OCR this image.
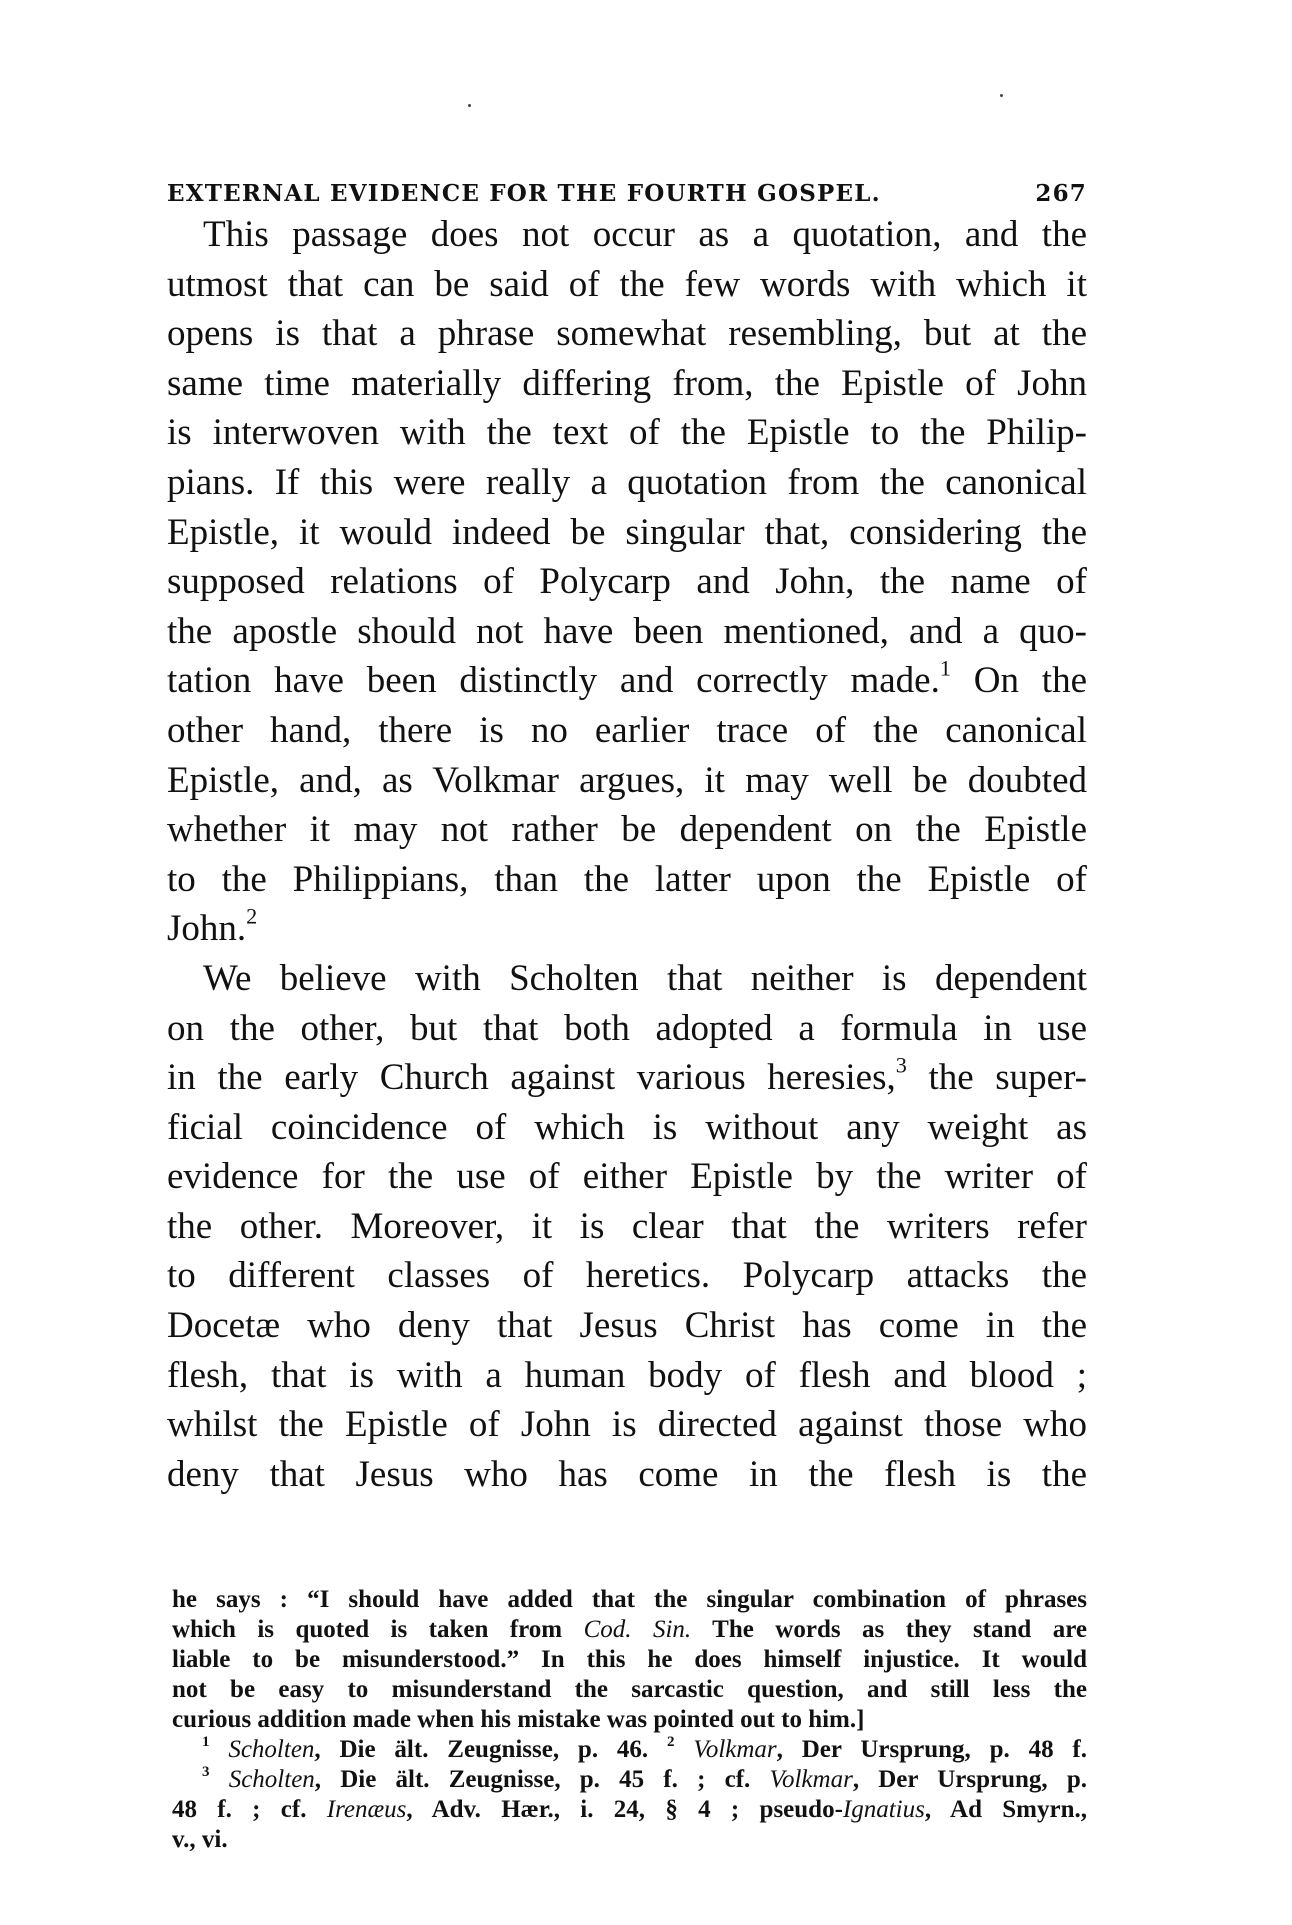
EXTERNAL EVIDENCE FOR THE FOURTH GOSPEL.	267
This passage does not occur as a quotation, and the
utmost that can be said of the few words with which it
opens is that a phrase somewhat resembling, but at the
same time materially differing from, the Epistle of John
is interwoven with the text of the Epistle to the Philip-
pians. If this were really a quotation from the canonical
Epistle, it would indeed be singular that, considering the
supposed relations of Polycarp and John, the name of
the apostle should not have been mentioned, and a quo-
tation have been distinctly and correctly made.$^1$ On the
other hand, there is no earlier trace of the canonical
Epistle, and, as Volkmar argues, it may well be doubted
whether it may not rather be dependent on the Epistle
to the Philippians, than the latter upon the Epistle of
John.$^2$
We believe with Scholten that neither is dependent
on the other, but that both adopted a formula in use
in the early Church against various heresies,$^3$ the super-
ficial coincidence of which is without any weight as
evidence for the use of either Epistle by the writer of
the other. Moreover, it is clear that the writers refer
to different classes of heretics. Polycarp attacks the
Docetæ who deny that Jesus Christ has come in the
flesh, that is with a human body of flesh and blood ;
whilst the Epistle of John is directed against those who
deny that Jesus who has come in the flesh is the
he says : “I should have added that the singular combination of phrases
which is quoted is taken from Cod. Sin. The words as they stand are
liable to be misunderstood.” In this he does himself injustice. It would
not be easy to misunderstand the sarcastic question, and still less the
curious addition made when his mistake was pointed out to him.]
$^1$ Scholten, Die ält. Zeugnisse, p. 46. $^2$ Volkmar, Der Ursprung, p. 48 f.
$^3$ Scholten, Die ält. Zeugnisse, p. 45 f. ; cf. Volkmar, Der Ursprung, p.
48 f. ; cf. Irenæus, Adv. Hær., i. 24, § 4 ; pseudo-Ignatius, Ad Smyrn.,
v., vi.
